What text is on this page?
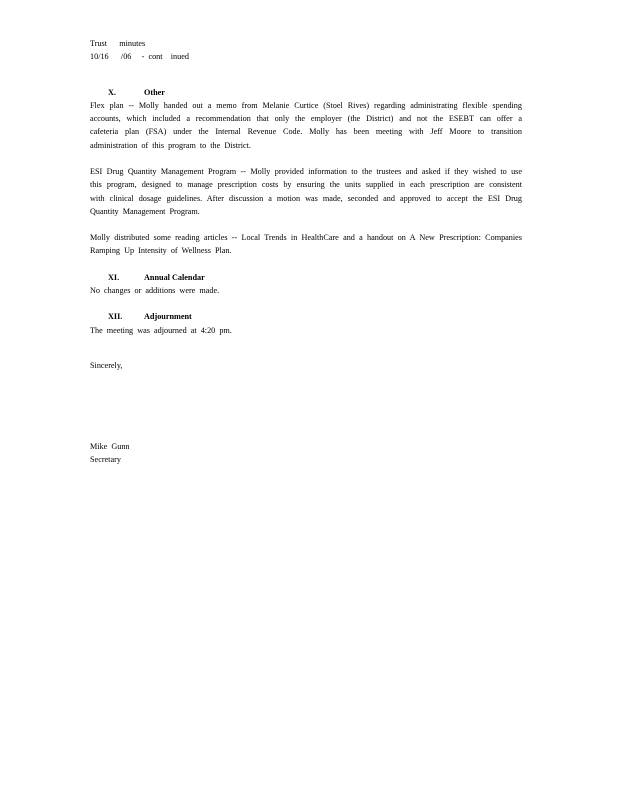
Trust      minutes
10/16      /06     -  cont    inued
X.	Other

Flex plan -- Molly handed out a memo from Melanie Curtice (Stoel Rives) regarding administrating flexible spending accounts, which included a recommendation that only the employer (the District) and not the ESEBT can offer a cafeteria plan (FSA) under the Internal Revenue Code. Molly has been meeting with Jeff Moore to transition administration of this program to the District.

ESI Drug Quantity Management Program -- Molly provided information to the trustees and asked if they wished to use this program, designed to manage prescription costs by ensuring the units supplied in each prescription are consistent with clinical dosage guidelines. After discussion a motion was made, seconded and approved to accept the ESI Drug Quantity Management Program.

Molly distributed some reading articles -- Local Trends in HealthCare and a handout on A New Prescription: Companies Ramping Up Intensity of Wellness Plan.

XI.	Annual Calendar

No changes or additions were made.

XII.	Adjournment

The meeting was adjourned at 4:20 pm.

Sincerely,

Mike Gunn

Secretary
